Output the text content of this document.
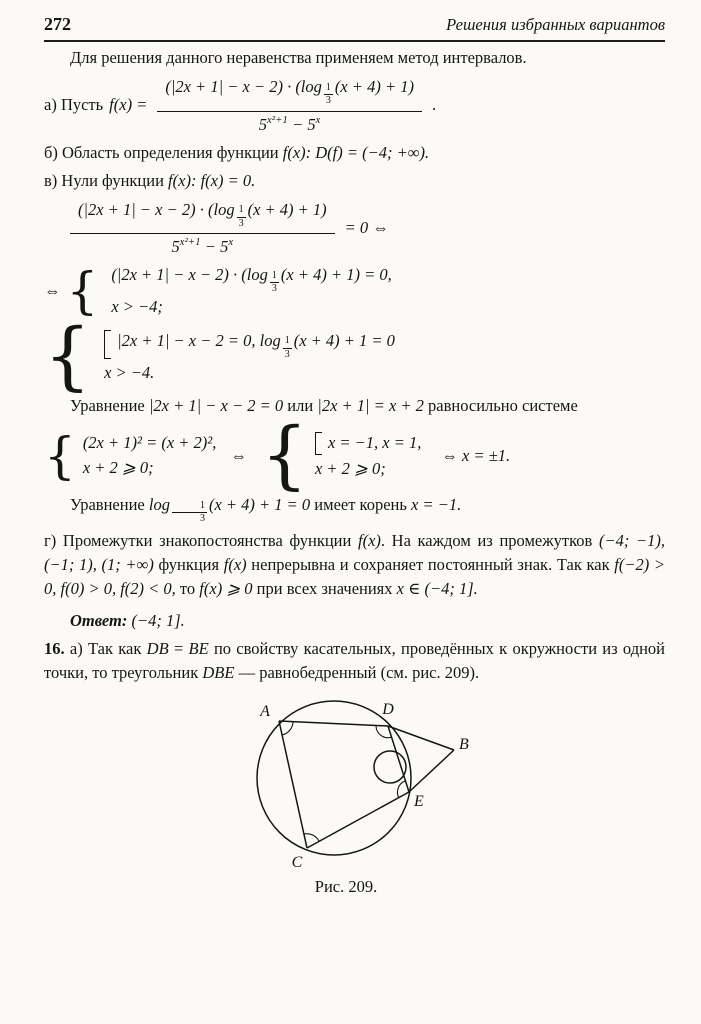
272	Решения избранных вариантов

Для решения данного неравенства применяем метод интервалов.

а) Пусть $f(x) = \frac{(|2x + 1| - x - 2) \cdot (\log \frac{1}{3} (x + 4) + 1)}{5^{x^2+1} - 5^x}$ .

б) Область определения функции f(x): D(f) = (−4; +∞).

в) Нули функции f(x): f(x) = 0.

$\frac{(|2x + 1| - x - 2) \cdot (\log \frac{1}{3} (x + 4) + 1)}{5^{x^2+1} - 5^x} = 0$ ⇔
⇔ { $(|2x + 1| - x - 2) \cdot (\log \frac{1}{3} (x + 4) + 1) = 0$,
x > −4;
{	|2x + 1| − x − 2 = 0, $\log \frac{1}{3} (x + 4) + 1 = 0$
x > −4.

Уравнение |2x + 1| − x − 2 = 0 или |2x + 1| = x + 2 равносильно системе

{ (2x + 1)² = (x + 2)²,
x + 2 ⩾ 0;
⇔ {	x = −1, x = 1,
x + 2 ⩾ 0;
⇔ x = ±1.

Уравнение $\log \frac{1}{3} (x + 4) + 1 = 0$ имеет корень x = −1.

г) Промежутки знакопостоянства функции f(x). На каждом из промежутков (−4; −1), (−1; 1), (1; +∞) функция f(x) непрерывна и сохраняет постоянный знак. Так как f(−2) > 0, f(0) > 0, f(2) < 0, то f(x) ⩾ 0 при всех значениях x ∈ (−4; 1].

Ответ: (−4; 1].

16. а) Так как DB = BE по свойству касательных, проведённых к окружности из одной точки, то треугольник DBE — равнобедренный (см. рис. 209).

A	D
B
E
C
Рис. 209.
